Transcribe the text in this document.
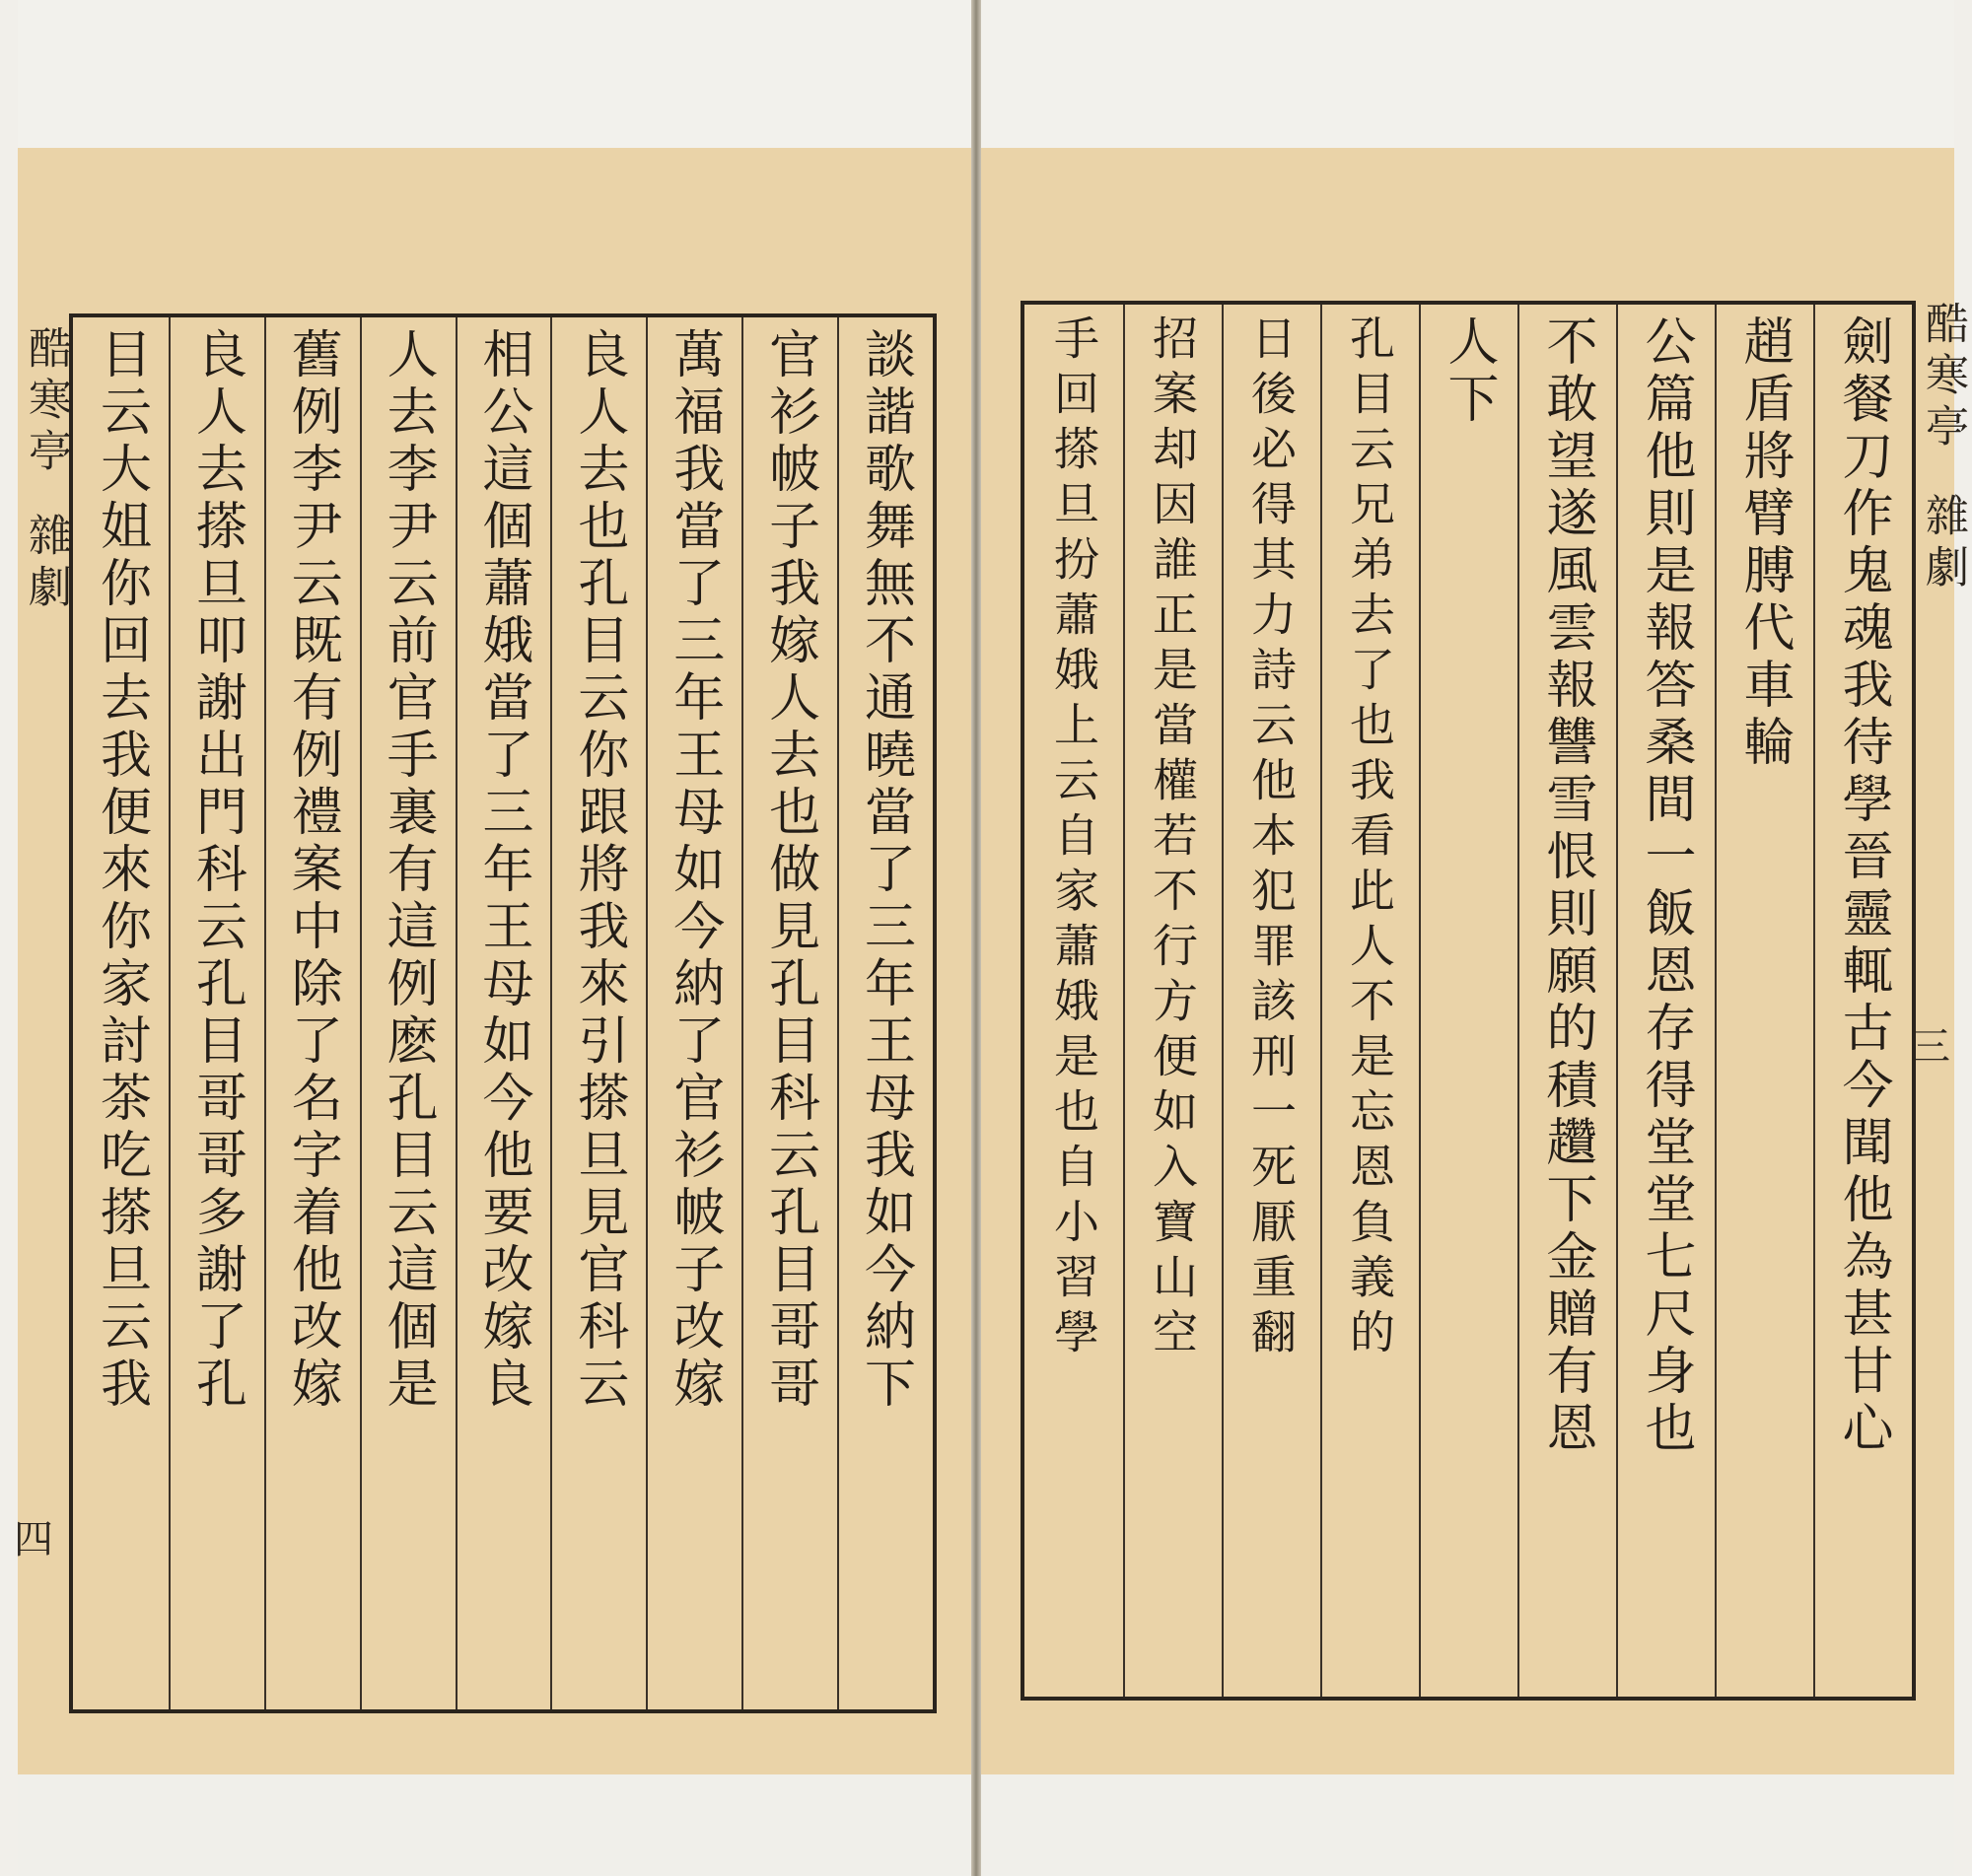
酷寒亭
雜劇
四
談諧歌舞無不通曉當了三年王母我如今納下
官衫帔子我嫁人去也做見孔目科云孔目哥哥
萬福我當了三年王母如今納了官衫帔子改嫁
良人去也孔目云你跟將我來引搽旦見官科云
相公這個蕭娥當了三年王母如今他要改嫁良
人去李尹云前官手裏有這例麽孔目云這個是
舊例李尹云既有例禮案中除了名字着他改嫁
良人去搽旦叩謝出門科云孔目哥哥多謝了孔
目云大姐你回去我便來你家討茶吃搽旦云我	劍餐刀作鬼魂我待學晉靈輒古今聞他為甚甘心
趙盾將臂膊代車輪
公篇他則是報答桑間一飯恩存得堂堂七尺身也
不敢望遂風雲報讐雪恨則願的積趲下金贈有恩
人下
孔目云兄弟去了也我看此人不是忘恩負義的
日後必得其力詩云他本犯罪該刑一死厭重翻
招案却因誰正是當權若不行方便如入寶山空
手回搽旦扮蕭娥上云自家蕭娥是也自小習學	酷寒亭
雜劇
三
